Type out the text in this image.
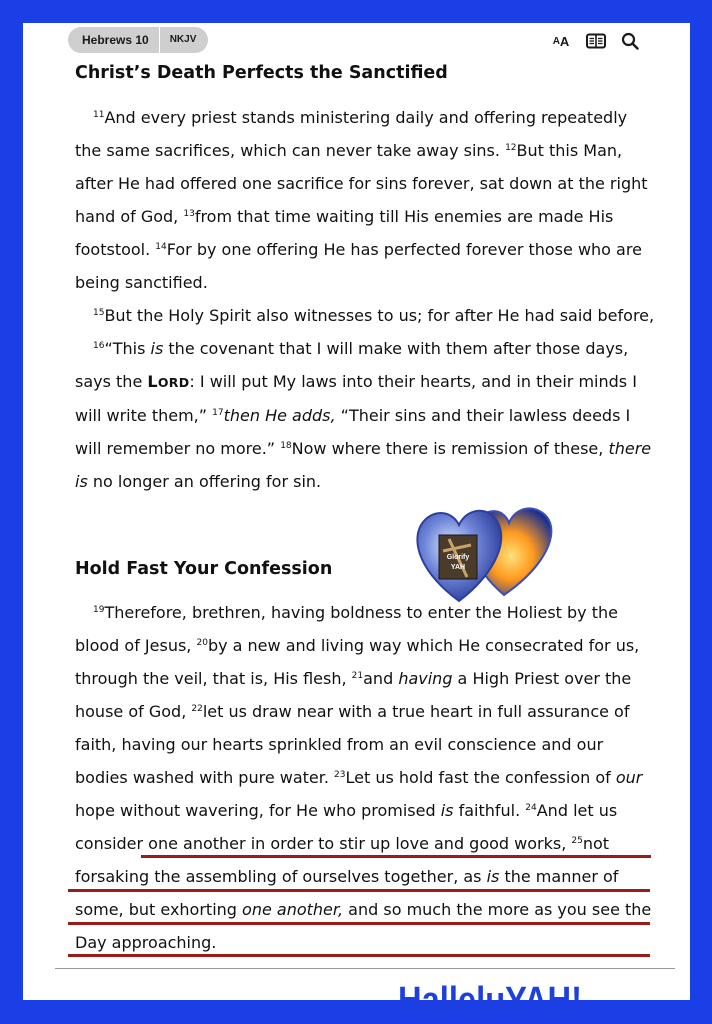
Hebrews 10	NKJV	A A
Christ’s Death Perfects the Sanctified

$^{11}$And every priest stands ministering daily and offering repeatedly the same sacrifices, which can never take away sins. $^{12}$But this Man, after He had offered one sacrifice for sins forever, sat down at the right hand of God, $^{13}$from that time waiting till His enemies are made His footstool. $^{14}$For by one offering He has perfected forever those who are being sanctified.

$^{15}$But the Holy Spirit also witnesses to us; for after He had said before,

$^{16}$“This is the covenant that I will make with them after those days, says the LORD: I will put My laws into their hearts, and in their minds I will write them,” $^{17}$then He adds, “Their sins and their lawless deeds I will remember no more.” $^{18}$Now where there is remission of these, there is no longer an offering for sin.

Hold Fast Your Confession

$^{19}$Therefore, brethren, having boldness to enter the Holiest by the blood of Jesus, $^{20}$by a new and living way which He consecrated for us, through the veil, that is, His flesh, $^{21}$and having a High Priest over the house of God, $^{22}$let us draw near with a true heart in full assurance of faith, having our hearts sprinkled from an evil conscience and our bodies washed with pure water. $^{23}$Let us hold fast the confession of our hope without wavering, for He who promised is faithful. $^{24}$And let us consider one another in order to stir up love and good works, $^{25}$not forsaking the assembling of ourselves together, as is the manner of some, but exhorting one another, and so much the more as you see the Day approaching.

Glorify
YAH
HalleluYAH!
